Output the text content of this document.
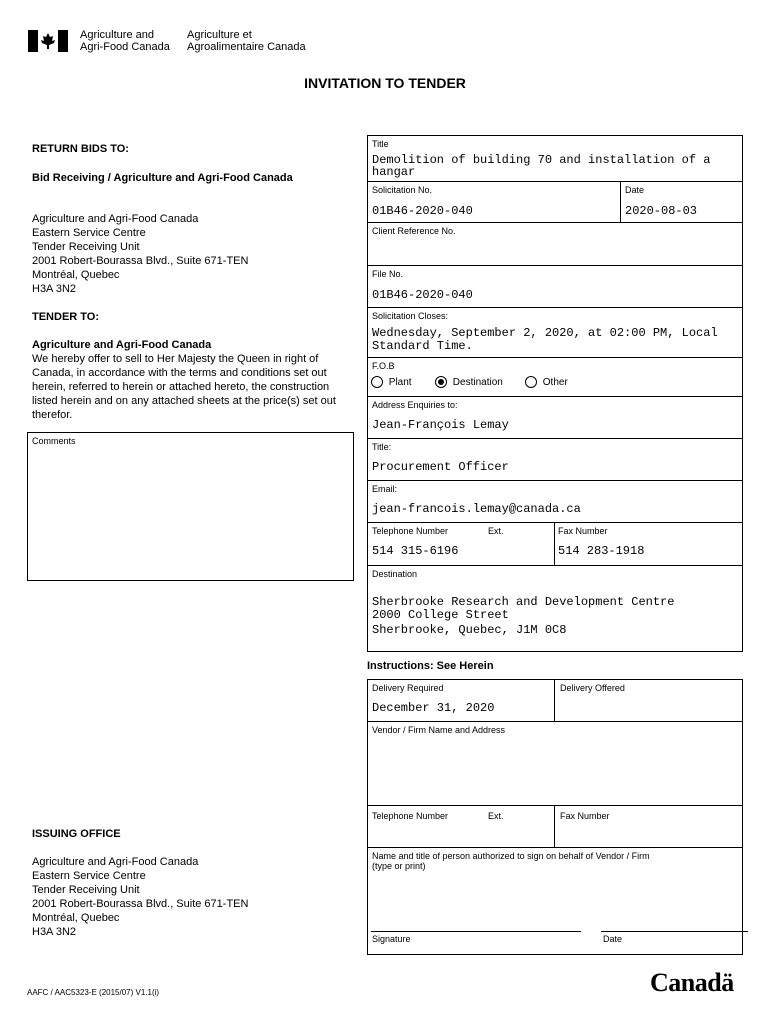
Agriculture and
Agri-Food Canada
Agriculture et
Agroalimentaire Canada
INVITATION TO TENDER
RETURN BIDS TO:
Bid Receiving / Agriculture and Agri-Food Canada
Agriculture and Agri-Food Canada
Eastern Service Centre
Tender Receiving Unit
2001 Robert-Bourassa Blvd., Suite 671-TEN
Montréal, Quebec
H3A 3N2
TENDER TO:
Agriculture and Agri-Food Canada
We hereby offer to sell to Her Majesty the Queen in right of
Canada, in accordance with the terms and conditions set out
herein, referred to herein or attached hereto, the construction
listed herein and on any attached sheets at the price(s) set out
therefor.
Comments
ISSUING OFFICE
Agriculture and Agri-Food Canada
Eastern Service Centre
Tender Receiving Unit
2001 Robert-Bourassa Blvd., Suite 671-TEN
Montréal, Quebec
H3A 3N2
Title
Demolition of building 70 and installation of a
hangar
Solicitation No.
01B46-2020-040
Date
2020-08-03
Client Reference No.
File No.
01B46-2020-040
Solicitation Closes:
Wednesday, September 2, 2020, at 02:00 PM, Local
Standard Time.
F.O.B
Plant	Destination	Other
Address Enquiries to:
Jean-François Lemay
Title:
Procurement Officer
Email:
jean-francois.lemay@canada.ca
Telephone Number	Ext.
514 315-6196
Fax Number
514 283-1918
Destination
Sherbrooke Research and Development Centre
2000 College Street
Sherbrooke, Quebec, J1M 0C8
Instructions: See Herein
Delivery Required
December 31, 2020
Delivery Offered
Vendor / Firm Name and Address
Telephone Number	Ext.	Fax Number
Name and title of person authorized to sign on behalf of Vendor / Firm
(type or print)
Signature	Date
AAFC / AAC5323-E (2015/07) V1.1(i)	Canadä
